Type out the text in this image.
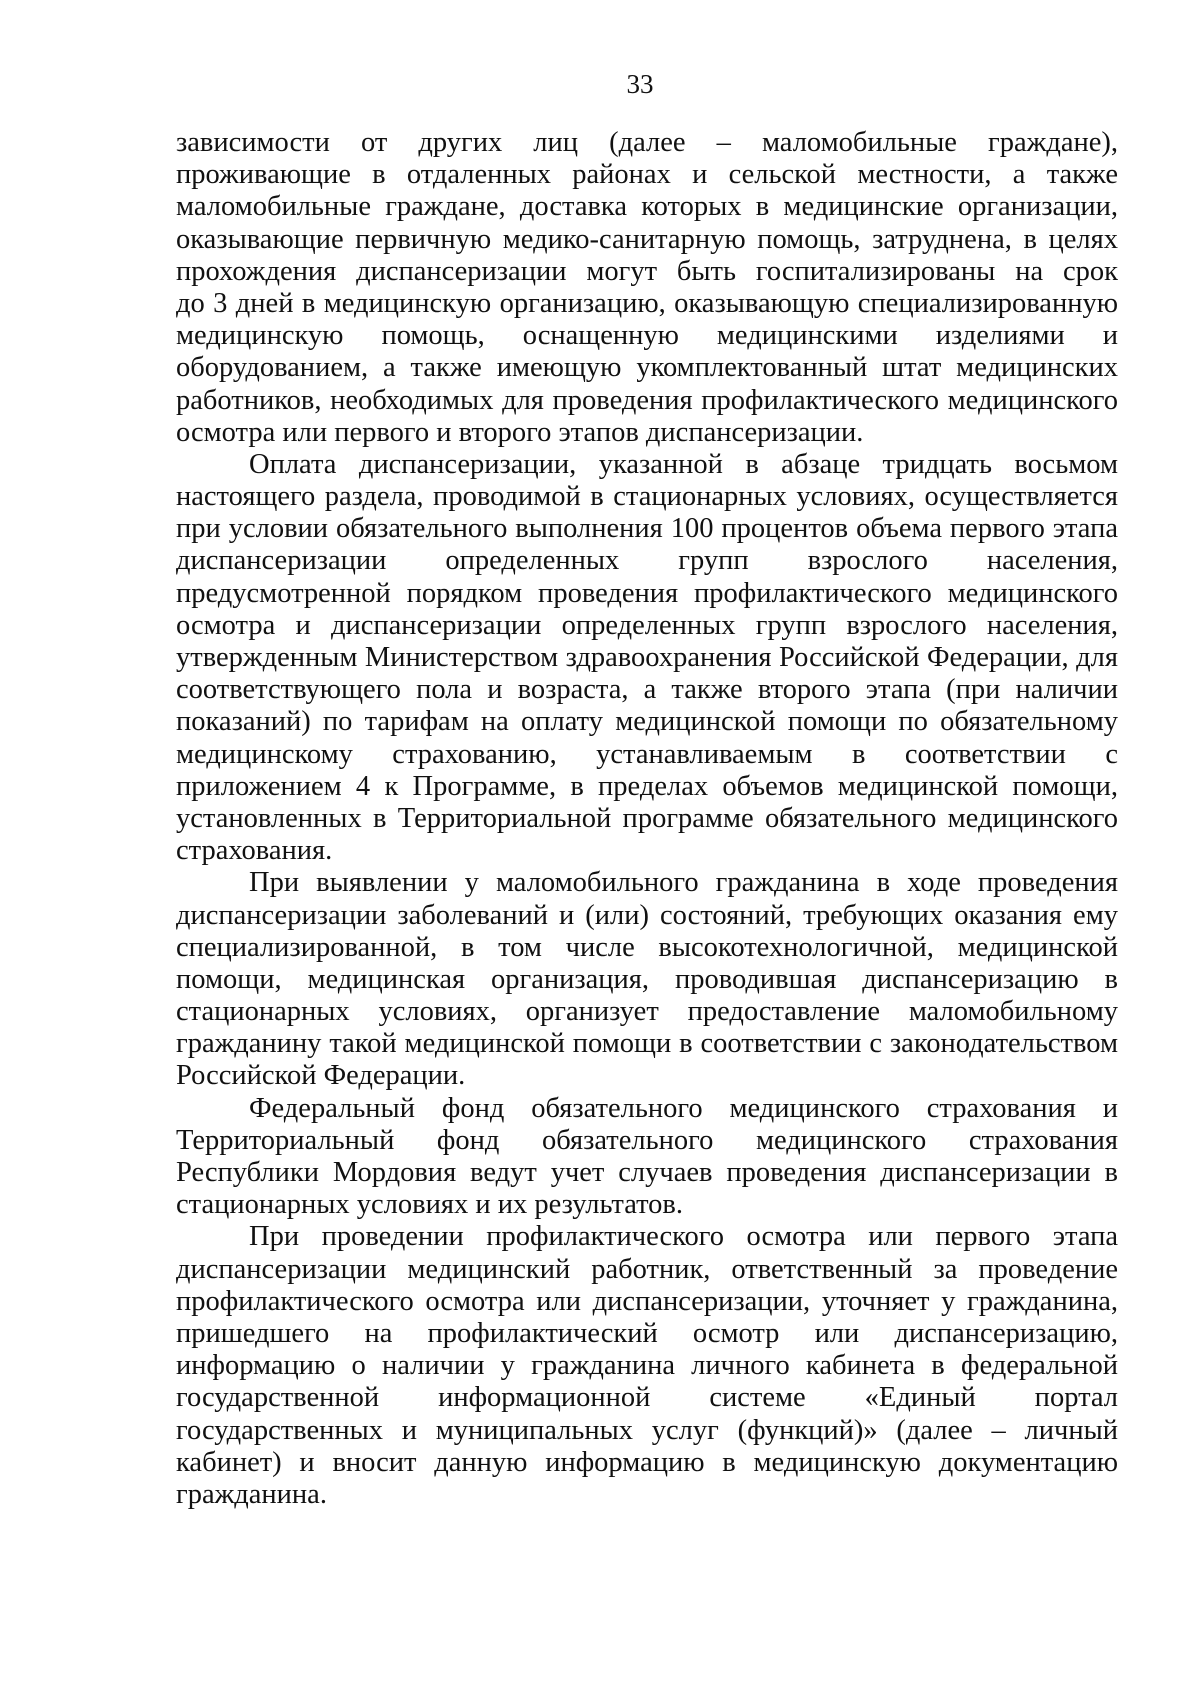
33
зависимости от других лиц (далее – маломобильные граждане),
проживающие в отдаленных районах и сельской местности, а также
маломобильные граждане, доставка которых в медицинские организации,
оказывающие первичную медико-санитарную помощь, затруднена, в целях
прохождения диспансеризации могут быть госпитализированы на срок
до 3 дней в медицинскую организацию, оказывающую специализированную
медицинскую помощь, оснащенную медицинскими изделиями и
оборудованием, а также имеющую укомплектованный штат медицинских
работников, необходимых для проведения профилактического медицинского
осмотра или первого и второго этапов диспансеризации.
Оплата диспансеризации, указанной в абзаце тридцать восьмом
настоящего раздела, проводимой в стационарных условиях, осуществляется
при условии обязательного выполнения 100 процентов объема первого этапа
диспансеризации определенных групп взрослого населения,
предусмотренной порядком проведения профилактического медицинского
осмотра и диспансеризации определенных групп взрослого населения,
утвержденным Министерством здравоохранения Российской Федерации, для
соответствующего пола и возраста, а также второго этапа (при наличии
показаний) по тарифам на оплату медицинской помощи по обязательному
медицинскому страхованию, устанавливаемым в соответствии с
приложением 4 к Программе, в пределах объемов медицинской помощи,
установленных в Территориальной программе обязательного медицинского
страхования.
При выявлении у маломобильного гражданина в ходе проведения
диспансеризации заболеваний и (или) состояний, требующих оказания ему
специализированной, в том числе высокотехнологичной, медицинской
помощи, медицинская организация, проводившая диспансеризацию в
стационарных условиях, организует предоставление маломобильному
гражданину такой медицинской помощи в соответствии с законодательством
Российской Федерации.
Федеральный фонд обязательного медицинского страхования и
Территориальный фонд обязательного медицинского страхования
Республики Мордовия ведут учет случаев проведения диспансеризации в
стационарных условиях и их результатов.
При проведении профилактического осмотра или первого этапа
диспансеризации медицинский работник, ответственный за проведение
профилактического осмотра или диспансеризации, уточняет у гражданина,
пришедшего на профилактический осмотр или диспансеризацию,
информацию о наличии у гражданина личного кабинета в федеральной
государственной информационной системе «Единый портал
государственных и муниципальных услуг (функций)» (далее – личный
кабинет) и вносит данную информацию в медицинскую документацию
гражданина.
